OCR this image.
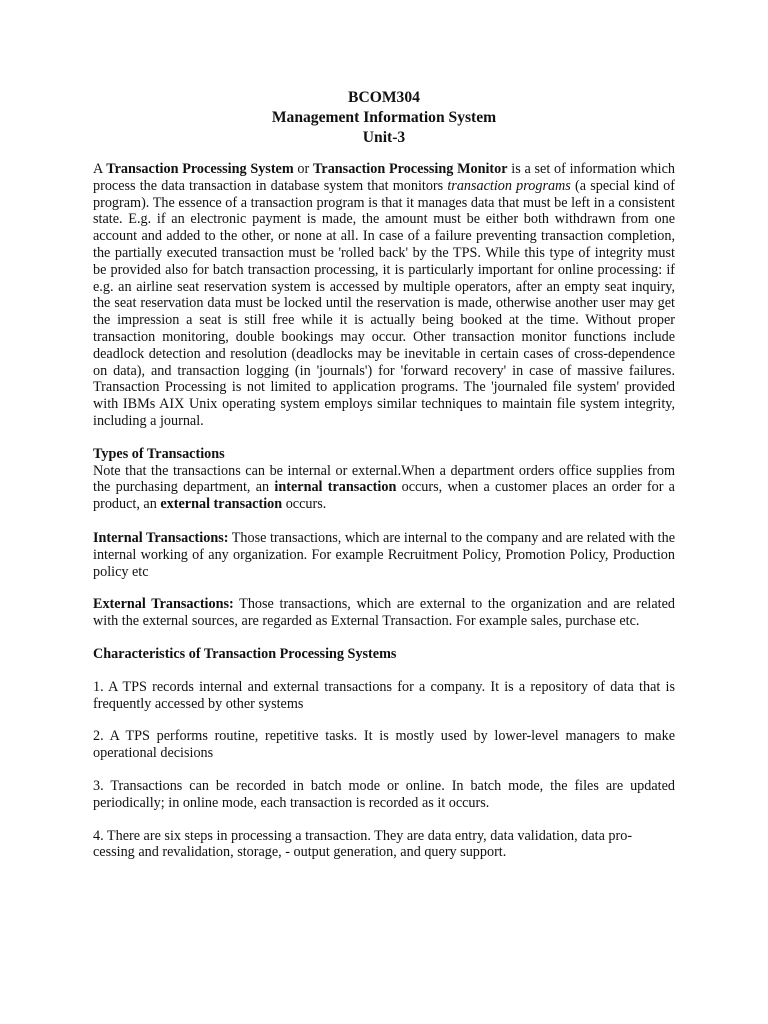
BCOM304
Management Information System
Unit-3

A Transaction Processing System or Transaction Processing Monitor is a set of information which process the data transaction in database system that monitors transaction programs (a special kind of program). The essence of a transaction program is that it manages data that must be left in a consistent state. E.g. if an electronic payment is made, the amount must be either both withdrawn from one account and added to the other, or none at all. In case of a failure preventing transaction completion, the partially executed transaction must be 'rolled back' by the TPS. While this type of integrity must be provided also for batch transaction processing, it is particularly important for online processing: if e.g. an airline seat reservation system is accessed by multiple operators, after an empty seat inquiry, the seat reservation data must be locked until the reservation is made, otherwise another user may get the impression a seat is still free while it is actually being booked at the time. Without proper transaction monitoring, double bookings may occur. Other transaction monitor functions include deadlock detection and resolution (deadlocks may be inevitable in certain cases of cross-dependence on data), and transaction logging (in 'journals') for 'forward recovery' in case of massive failures. Transaction Processing is not limited to application programs. The 'journaled file system' provided with IBMs AIX Unix operating system employs similar techniques to maintain file system integrity, including a journal.

Types of Transactions

Note that the transactions can be internal or external.When a department orders office supplies from the purchasing department, an internal transaction occurs, when a customer places an order for a product, an external transaction occurs.

Internal Transactions: Those transactions, which are internal to the company and are related with the internal working of any organization. For example Recruitment Policy, Promotion Policy, Production policy etc

External Transactions: Those transactions, which are external to the organization and are related with the external sources, are regarded as External Transaction. For example sales, purchase etc.

Characteristics of Transaction Processing Systems

1. A TPS records internal and external transactions for a company. It is a repository of data that is frequently accessed by other systems

2. A TPS performs routine, repetitive tasks. It is mostly used by lower-level managers to make operational decisions

3. Transactions can be recorded in batch mode or online. In batch mode, the files are updated periodically; in online mode, each transaction is recorded as it occurs.

4. There are six steps in processing a transaction. They are data entry, data validation, data pro- cessing and revalidation, storage, - output generation, and query support.
